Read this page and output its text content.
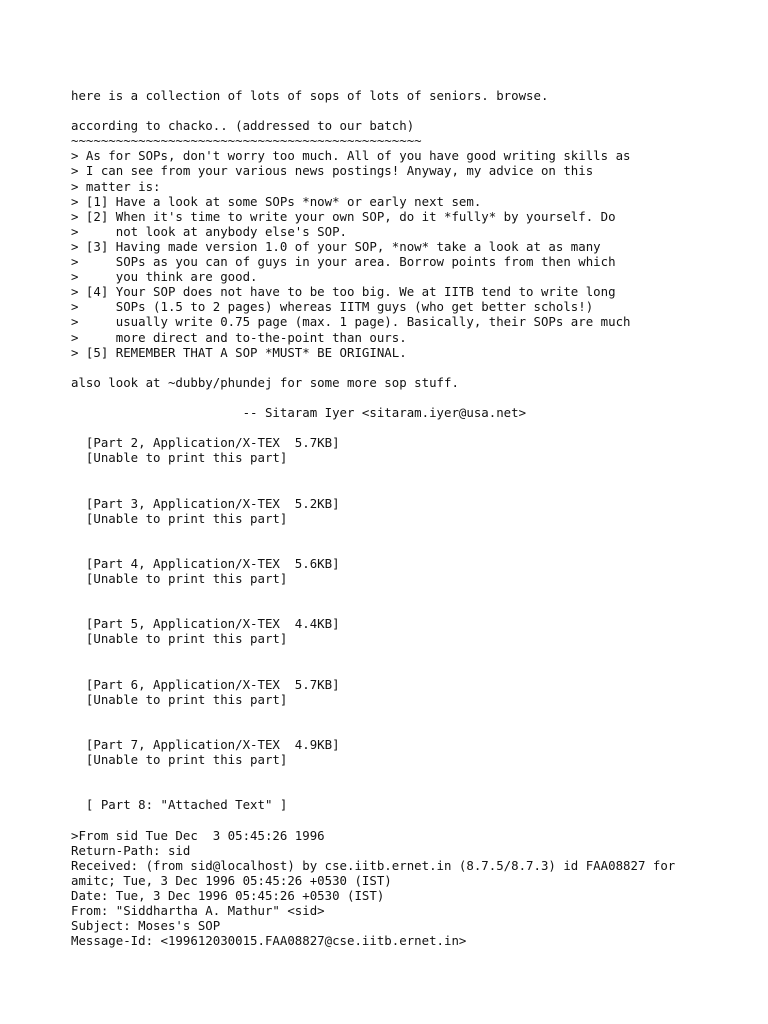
here is a collection of lots of sops of lots of seniors. browse.
according to chacko.. (addressed to our batch)
~~~~~~~~~~~~~~~~~~~~~~~~~~~~~~~~~~~~~~~~~~~~~~~
> As for SOPs, don't worry too much. All of you have good writing skills as
> I can see from your various news postings! Anyway, my advice on this
> matter is:
> [1] Have a look at some SOPs *now* or early next sem.
> [2] When it's time to write your own SOP, do it *fully* by yourself. Do
>     not look at anybody else's SOP.
> [3] Having made version 1.0 of your SOP, *now* take a look at as many
>     SOPs as you can of guys in your area. Borrow points from then which
>     you think are good.
> [4] Your SOP does not have to be too big. We at IITB tend to write long
>     SOPs (1.5 to 2 pages) whereas IITM guys (who get better schols!)
>     usually write 0.75 page (max. 1 page). Basically, their SOPs are much
>     more direct and to-the-point than ours.
> [5] REMEMBER THAT A SOP *MUST* BE ORIGINAL.
also look at ~dubby/phundej for some more sop stuff.
-- Sitaram Iyer <sitaram.iyer@usa.net>
[Part 2, Application/X-TEX  5.7KB]
[Unable to print this part]
[Part 3, Application/X-TEX  5.2KB]
[Unable to print this part]
[Part 4, Application/X-TEX  5.6KB]
[Unable to print this part]
[Part 5, Application/X-TEX  4.4KB]
[Unable to print this part]
[Part 6, Application/X-TEX  5.7KB]
[Unable to print this part]
[Part 7, Application/X-TEX  4.9KB]
[Unable to print this part]
[ Part 8: "Attached Text" ]
>From sid Tue Dec  3 05:45:26 1996
Return-Path: sid
Received: (from sid@localhost) by cse.iitb.ernet.in (8.7.5/8.7.3) id FAA08827 for
amitc; Tue, 3 Dec 1996 05:45:26 +0530 (IST)
Date: Tue, 3 Dec 1996 05:45:26 +0530 (IST)
From: "Siddhartha A. Mathur" <sid>
Subject: Moses's SOP
Message-Id: <199612030015.FAA08827@cse.iitb.ernet.in>
